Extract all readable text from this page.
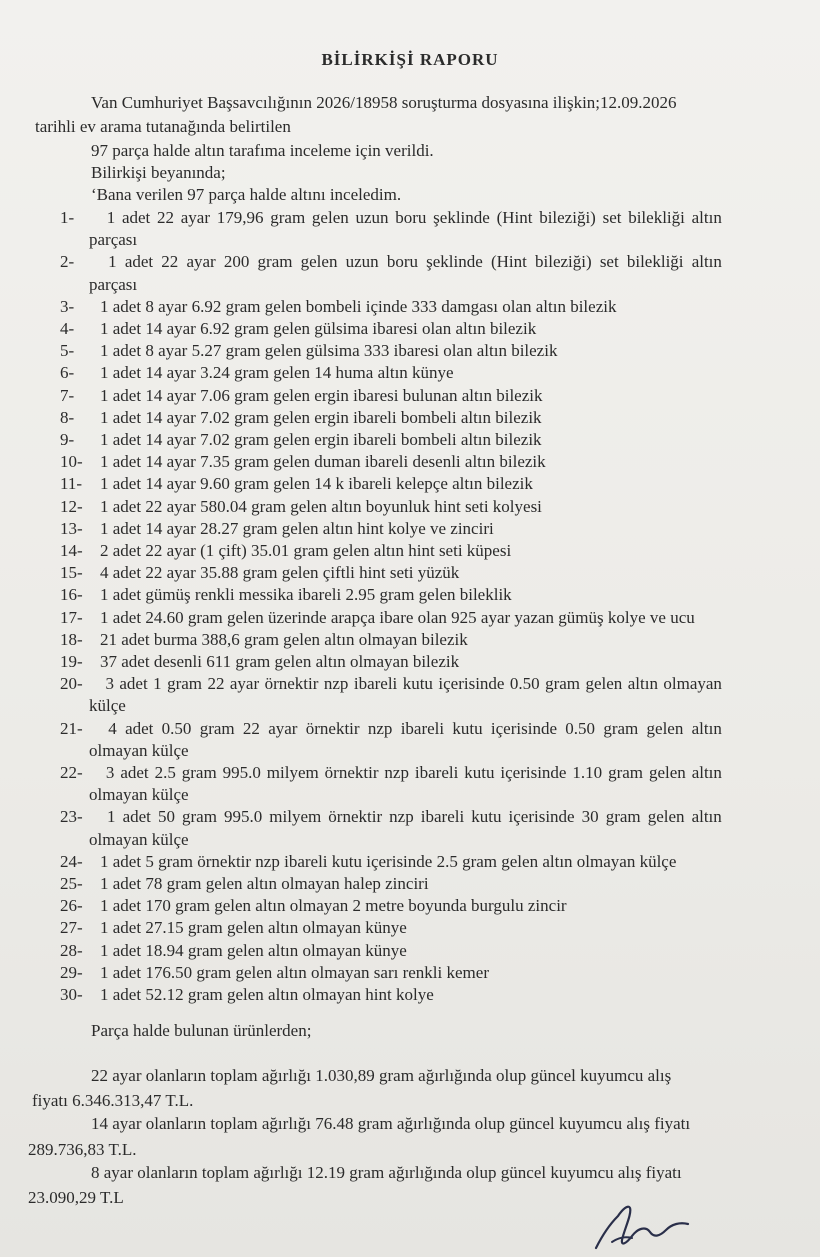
BİLİRKİŞİ RAPORU
Van Cumhuriyet Başsavcılığının 2026/18958 soruşturma dosyasına ilişkin;12.09.2026
tarihli ev arama tutanağında belirtilen
97 parça halde altın tarafıma inceleme için verildi.
Bilirkişi beyanında;
‘Bana verilen 97 parça halde altını inceledim.
1-	1 adet 22 ayar 179,96 gram gelen uzun boru şeklinde (Hint bileziği) set bilekliği altın
parçası
2-	1 adet 22 ayar 200 gram gelen uzun boru şeklinde (Hint bileziği) set bilekliği altın
parçası
3- 1 adet 8 ayar 6.92 gram gelen bombeli içinde 333 damgası olan altın bilezik
4- 1 adet 14 ayar 6.92 gram gelen gülsima ibaresi olan altın bilezik
5- 1 adet 8 ayar 5.27 gram gelen gülsima 333 ibaresi olan altın bilezik
6- 1 adet 14 ayar 3.24 gram gelen 14 huma altın künye
7- 1 adet 14 ayar 7.06 gram gelen ergin ibaresi bulunan altın bilezik
8- 1 adet 14 ayar 7.02 gram gelen ergin ibareli bombeli altın bilezik
9- 1 adet 14 ayar 7.02 gram gelen ergin ibareli bombeli altın bilezik
10- 1 adet 14 ayar 7.35 gram gelen duman ibareli desenli altın bilezik
11- 1 adet 14 ayar 9.60 gram gelen 14 k ibareli kelepçe altın bilezik
12- 1 adet 22 ayar 580.04 gram gelen altın boyunluk hint seti kolyesi
13- 1 adet 14 ayar 28.27 gram gelen altın hint kolye ve zinciri
14- 2 adet 22 ayar (1 çift) 35.01 gram gelen altın hint seti küpesi
15- 4 adet 22 ayar 35.88 gram gelen çiftli hint seti yüzük
16- 1 adet gümüş renkli messika ibareli 2.95 gram gelen bileklik
17- 1 adet 24.60 gram gelen üzerinde arapça ibare olan 925 ayar yazan gümüş kolye ve ucu
18- 21 adet burma 388,6 gram gelen altın olmayan bilezik
19- 37 adet desenli 611 gram gelen altın olmayan bilezik
20-	3 adet 1 gram 22 ayar örnektir nzp ibareli kutu içerisinde 0.50 gram gelen altın olmayan
külçe
21-	4 adet 0.50 gram 22 ayar örnektir nzp ibareli kutu içerisinde 0.50 gram gelen altın
olmayan külçe
22-	3 adet 2.5 gram 995.0 milyem örnektir nzp ibareli kutu içerisinde 1.10 gram gelen altın
olmayan külçe
23-	1 adet 50 gram 995.0 milyem örnektir nzp ibareli kutu içerisinde 30 gram gelen altın
olmayan külçe
24- 1 adet 5 gram örnektir nzp ibareli kutu içerisinde 2.5 gram gelen altın olmayan külçe
25- 1 adet 78 gram gelen altın olmayan halep zinciri
26- 1 adet 170 gram gelen altın olmayan 2 metre boyunda burgulu zincir
27- 1 adet 27.15 gram gelen altın olmayan künye
28- 1 adet 18.94 gram gelen altın olmayan künye
29- 1 adet 176.50 gram gelen altın olmayan sarı renkli kemer
30- 1 adet 52.12 gram gelen altın olmayan hint kolye
Parça halde bulunan ürünlerden;
22 ayar olanların toplam ağırlığı 1.030,89 gram ağırlığında olup güncel kuyumcu alış
fiyatı 6.346.313,47 T.L.
14 ayar olanların toplam ağırlığı 76.48 gram ağırlığında olup güncel kuyumcu alış fiyatı
289.736,83 T.L.
8 ayar olanların toplam ağırlığı 12.19 gram ağırlığında olup güncel kuyumcu alış fiyatı
23.090,29 T.L
